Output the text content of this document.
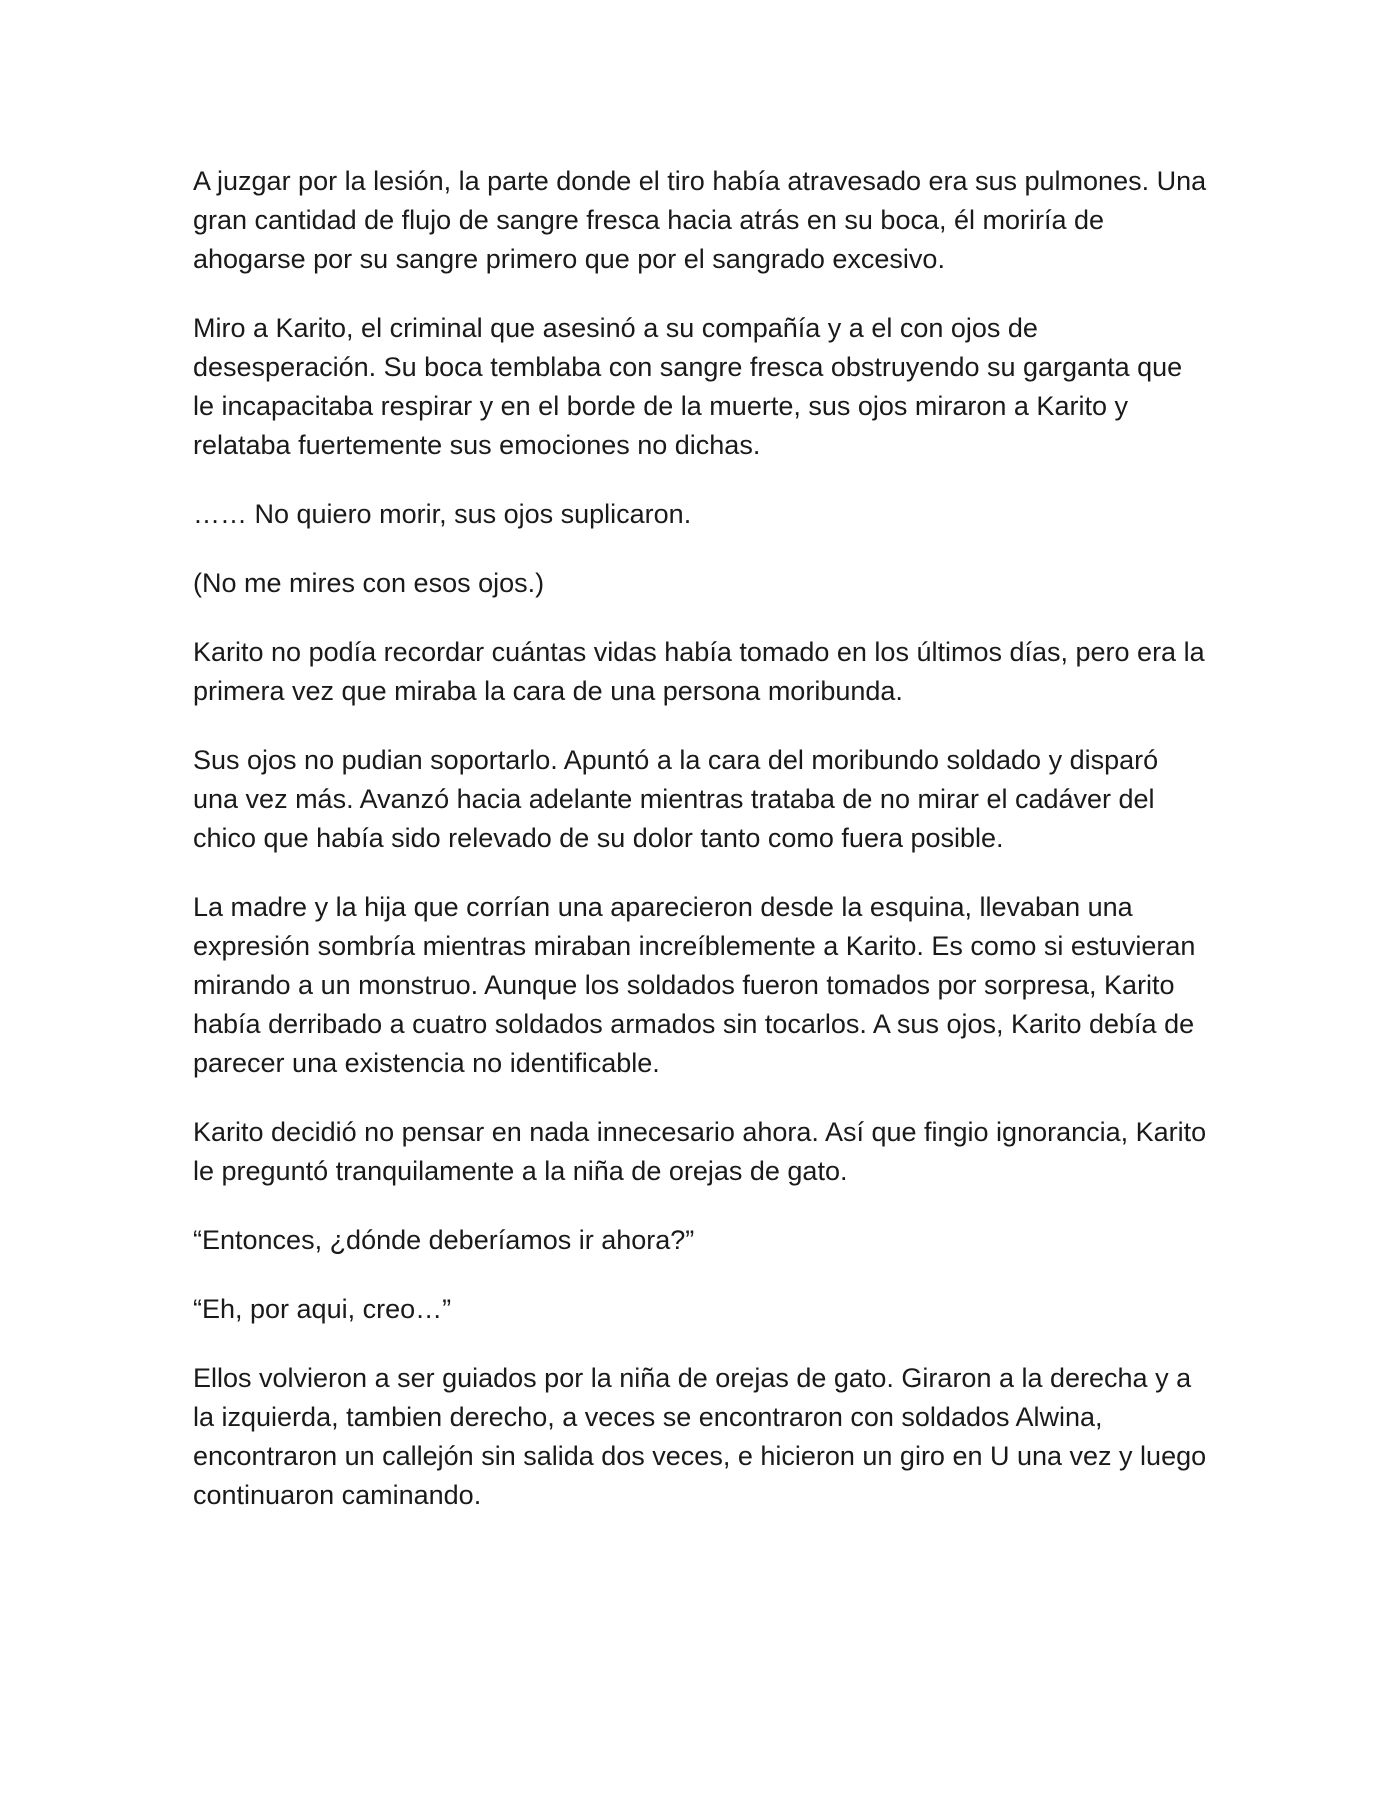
A juzgar por la lesión, la parte donde el tiro había atravesado era sus pulmones. Una gran cantidad de flujo de sangre fresca hacia atrás en su boca, él moriría de ahogarse por su sangre primero que por el sangrado excesivo.

Miro a Karito, el criminal que asesinó a su compañía y a el con ojos de desesperación. Su boca temblaba con sangre fresca obstruyendo su garganta que le incapacitaba respirar y en el borde de la muerte, sus ojos miraron a Karito y relataba fuertemente sus emociones no dichas.

…… No quiero morir, sus ojos suplicaron.

(No me mires con esos ojos.)

Karito no podía recordar cuántas vidas había tomado en los últimos días, pero era la primera vez que miraba la cara de una persona moribunda.

Sus ojos no pudian soportarlo. Apuntó a la cara del moribundo soldado y disparó una vez más. Avanzó hacia adelante mientras trataba de no mirar el cadáver del chico que había sido relevado de su dolor tanto como fuera posible.

La madre y la hija que corrían una aparecieron desde la esquina, llevaban una expresión sombría mientras miraban increíblemente a Karito. Es como si estuvieran mirando a un monstruo. Aunque los soldados fueron tomados por sorpresa, Karito había derribado a cuatro soldados armados sin tocarlos. A sus ojos, Karito debía de parecer una existencia no identificable.

Karito decidió no pensar en nada innecesario ahora. Así que fingio ignorancia, Karito le preguntó tranquilamente a la niña de orejas de gato.

“Entonces, ¿dónde deberíamos ir ahora?”

“Eh, por aqui, creo…”

Ellos volvieron a ser guiados por la niña de orejas de gato. Giraron a la derecha y a la izquierda, tambien derecho, a veces se encontraron con soldados Alwina, encontraron un callejón sin salida dos veces, e hicieron un giro en U una vez y luego continuaron caminando.
